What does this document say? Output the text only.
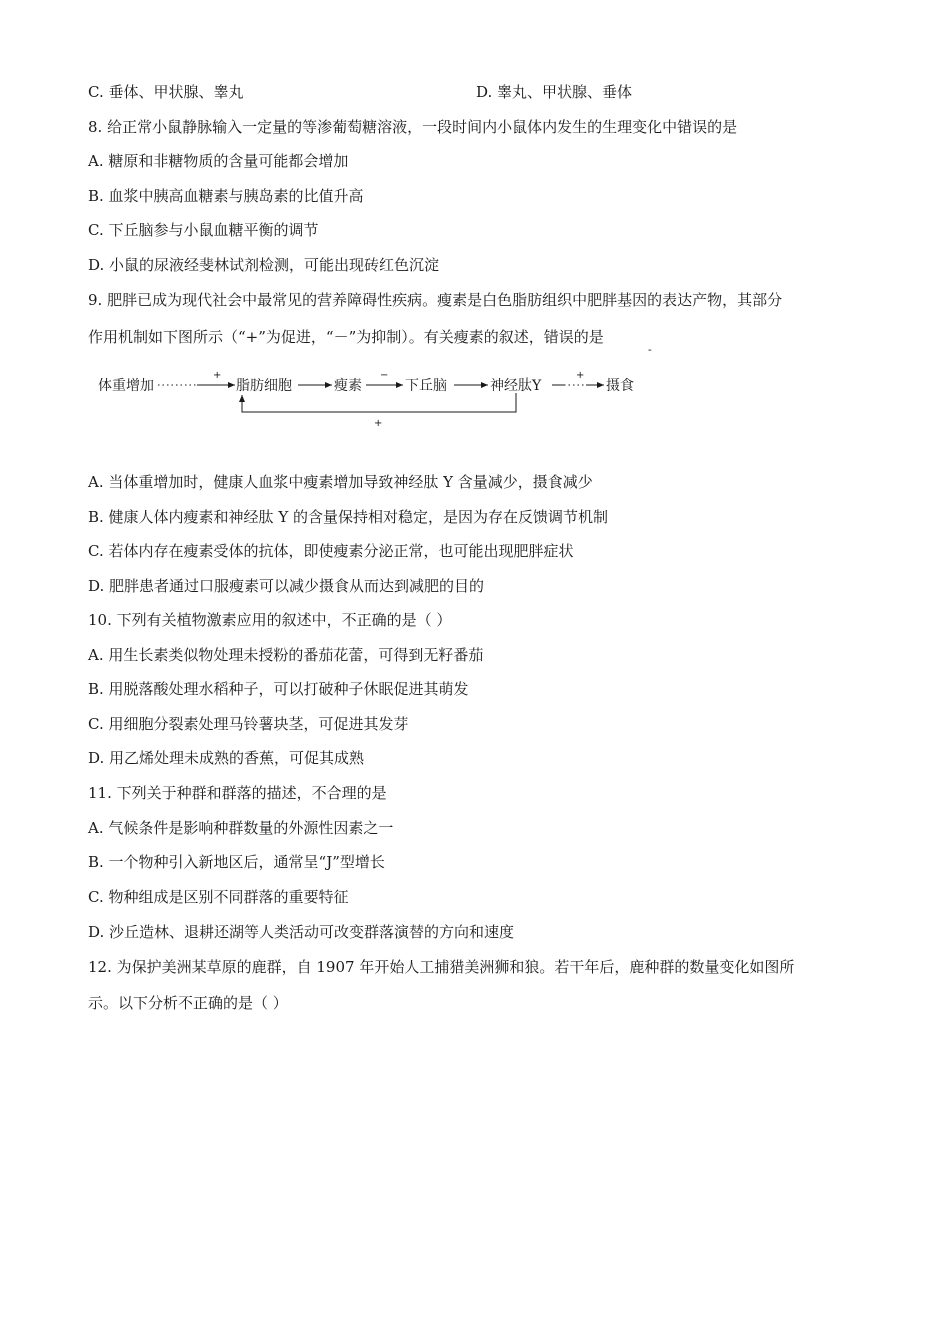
C. 垂体、甲状腺、睾丸	D. 睾丸、甲状腺、垂体
8. 给正常小鼠静脉输入一定量的等渗葡萄糖溶液，一段时间内小鼠体内发生的生理变化中错误的是
A. 糖原和非糖物质的含量可能都会增加
B. 血浆中胰高血糖素与胰岛素的比值升高
C. 下丘脑参与小鼠血糖平衡的调节
D. 小鼠的尿液经斐林试剂检测，可能出现砖红色沉淀
9. 肥胖已成为现代社会中最常见的营养障碍性疾病。瘦素是白色脂肪组织中肥胖基因的表达产物，其部分
作用机制如下图所示（“+”为促进，“－”为抑制）。有关瘦素的叙述，错误的是
-
体重增加	脂肪细胞	瘦素	下丘脑	神经肽Y	摄食
+	−	+
+
A. 当体重增加时，健康人血浆中瘦素增加导致神经肽 Y 含量减少，摄食减少
B. 健康人体内瘦素和神经肽 Y 的含量保持相对稳定，是因为存在反馈调节机制
C. 若体内存在瘦素受体的抗体，即使瘦素分泌正常，也可能出现肥胖症状
D. 肥胖患者通过口服瘦素可以减少摄食从而达到减肥的目的
10. 下列有关植物激素应用的叙述中，不正确的是（ ）
A. 用生长素类似物处理未授粉的番茄花蕾，可得到无籽番茄
B. 用脱落酸处理水稻种子，可以打破种子休眠促进其萌发
C. 用细胞分裂素处理马铃薯块茎，可促进其发芽
D. 用乙烯处理未成熟的香蕉，可促其成熟
11. 下列关于种群和群落的描述，不合理的是
A. 气候条件是影响种群数量的外源性因素之一
B. 一个物种引入新地区后，通常呈“J”型增长
C. 物种组成是区别不同群落的重要特征
D. 沙丘造林、退耕还湖等人类活动可改变群落演替的方向和速度
12. 为保护美洲某草原的鹿群，自 1907 年开始人工捕猎美洲狮和狼。若干年后，鹿种群的数量变化如图所
示。以下分析不正确的是（ ）
